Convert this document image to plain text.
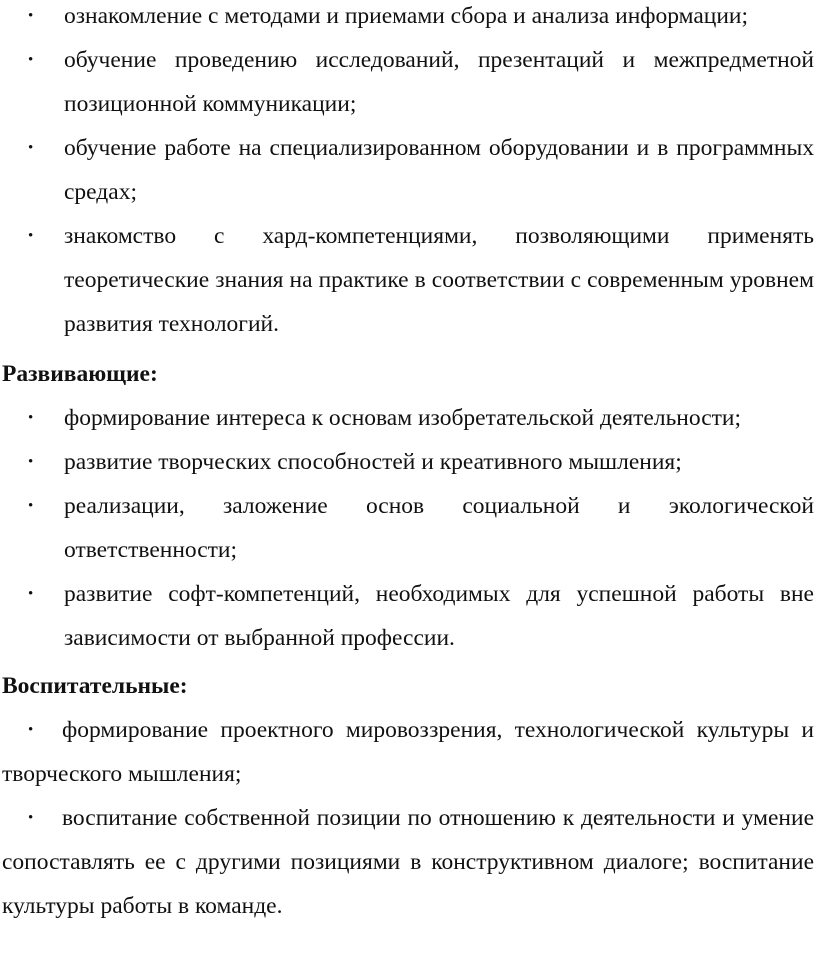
•	ознакомление с методами и приемами сбора и анализа информации;
•	обучение проведению исследований, презентаций и межпредметной позиционной коммуникации;
•	обучение работе на специализированном оборудовании и в программных средах;
•	знакомство с хард-компетенциями, позволяющими применять теоретические знания на практике в соответствии с современным уровнем развития технологий.

Развивающие:

•	формирование интереса к основам изобретательской деятельности;
•	развитие творческих способностей и креативного мышления;
•	реализации, заложение основ социальной и экологической ответственности;
•	развитие софт-компетенций, необходимых для успешной работы вне зависимости от выбранной профессии.

Воспитательные:

• формирование проектного мировоззрения, технологической культуры и творческого мышления;

• воспитание собственной позиции по отношению к деятельности и умение сопоставлять ее с другими позициями в конструктивном диалоге; воспитание культуры работы в команде.
